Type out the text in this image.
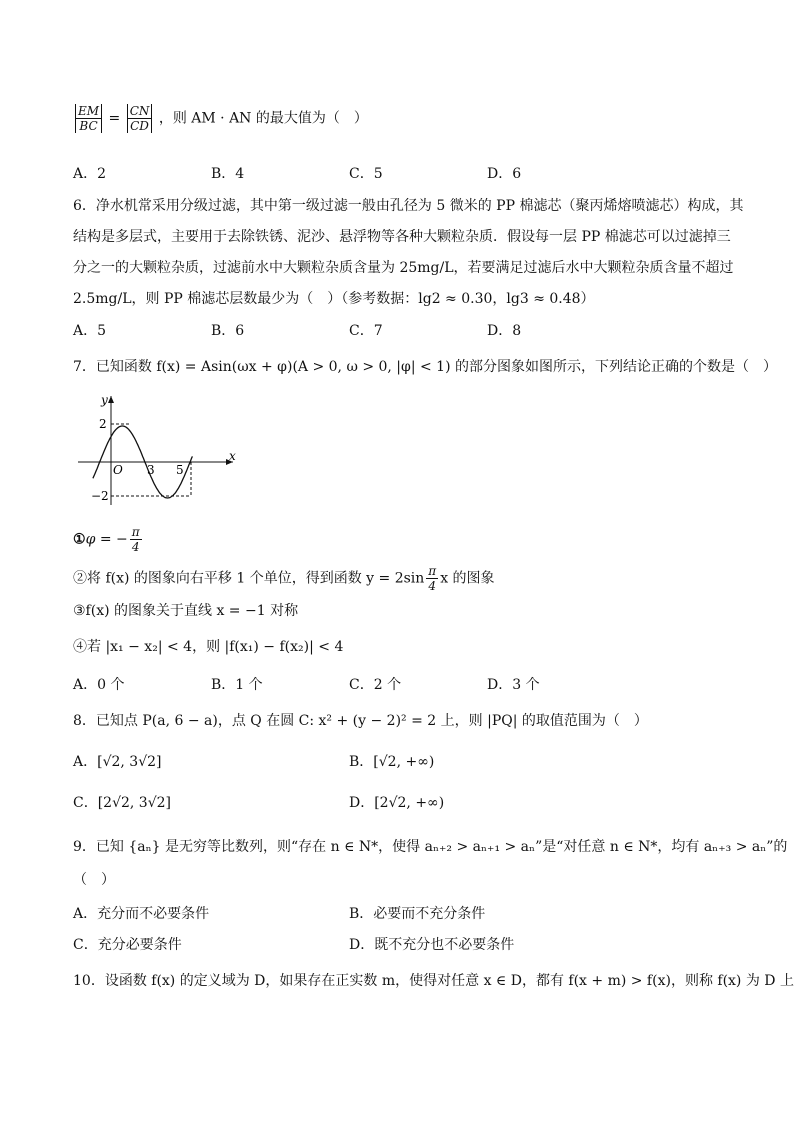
$\frac{EM}{BC} = \frac{CN}{CD}$ ，则 AM · AN 的最大值为（　）
A．2	B．4	C．5	D．6
6．净水机常采用分级过滤，其中第一级过滤一般由孔径为 5 微米的 PP 棉滤芯（聚丙烯熔喷滤芯）构成，其
结构是多层式，主要用于去除铁锈、泥沙、悬浮物等各种大颗粒杂质．假设每一层 PP 棉滤芯可以过滤掉三
分之一的大颗粒杂质，过滤前水中大颗粒杂质含量为 25mg/L，若要满足过滤后水中大颗粒杂质含量不超过
2.5mg/L，则 PP 棉滤芯层数最少为（　）（参考数据：lg2 ≈ 0.30，lg3 ≈ 0.48）
A．5	B．6	C．7	D．8
7．已知函数 f(x) = Asin(ωx + φ)(A > 0, ω > 0, |φ| < 1) 的部分图象如图所示，下列结论正确的个数是（　）
y
x
O
2
−2
3 5
①φ = − $\frac{\pi}{4}$
②将 f(x) 的图象向右平移 1 个单位，得到函数 $y = 2\sin \frac{\pi}{4}$ x 的图象
③f(x) 的图象关于直线 x = −1 对称
④若 |x₁ − x₂| < 4，则 |f(x₁) − f(x₂)| < 4
A．0 个	B．1 个	C．2 个	D．3 个
8．已知点 P(a, 6 − a)，点 Q 在圆 C: x² + (y − 2)² = 2 上，则 |PQ| 的取值范围为（　）
A．[√2, 3√2]	B．[√2, +∞)
C．[2√2, 3√2]	D．[2√2, +∞)
9．已知 {aₙ} 是无穷等比数列，则“存在 n ∈ N*，使得 aₙ₊₂ > aₙ₊₁ > aₙ”是“对任意 n ∈ N*，均有 aₙ₊₃ > aₙ”的
（　）
A．充分而不必要条件	B．必要而不充分条件
C．充分必要条件	D．既不充分也不必要条件
10．设函数 f(x) 的定义域为 D，如果存在正实数 m，使得对任意 x ∈ D，都有 f(x + m) > f(x)，则称 f(x) 为 D 上
